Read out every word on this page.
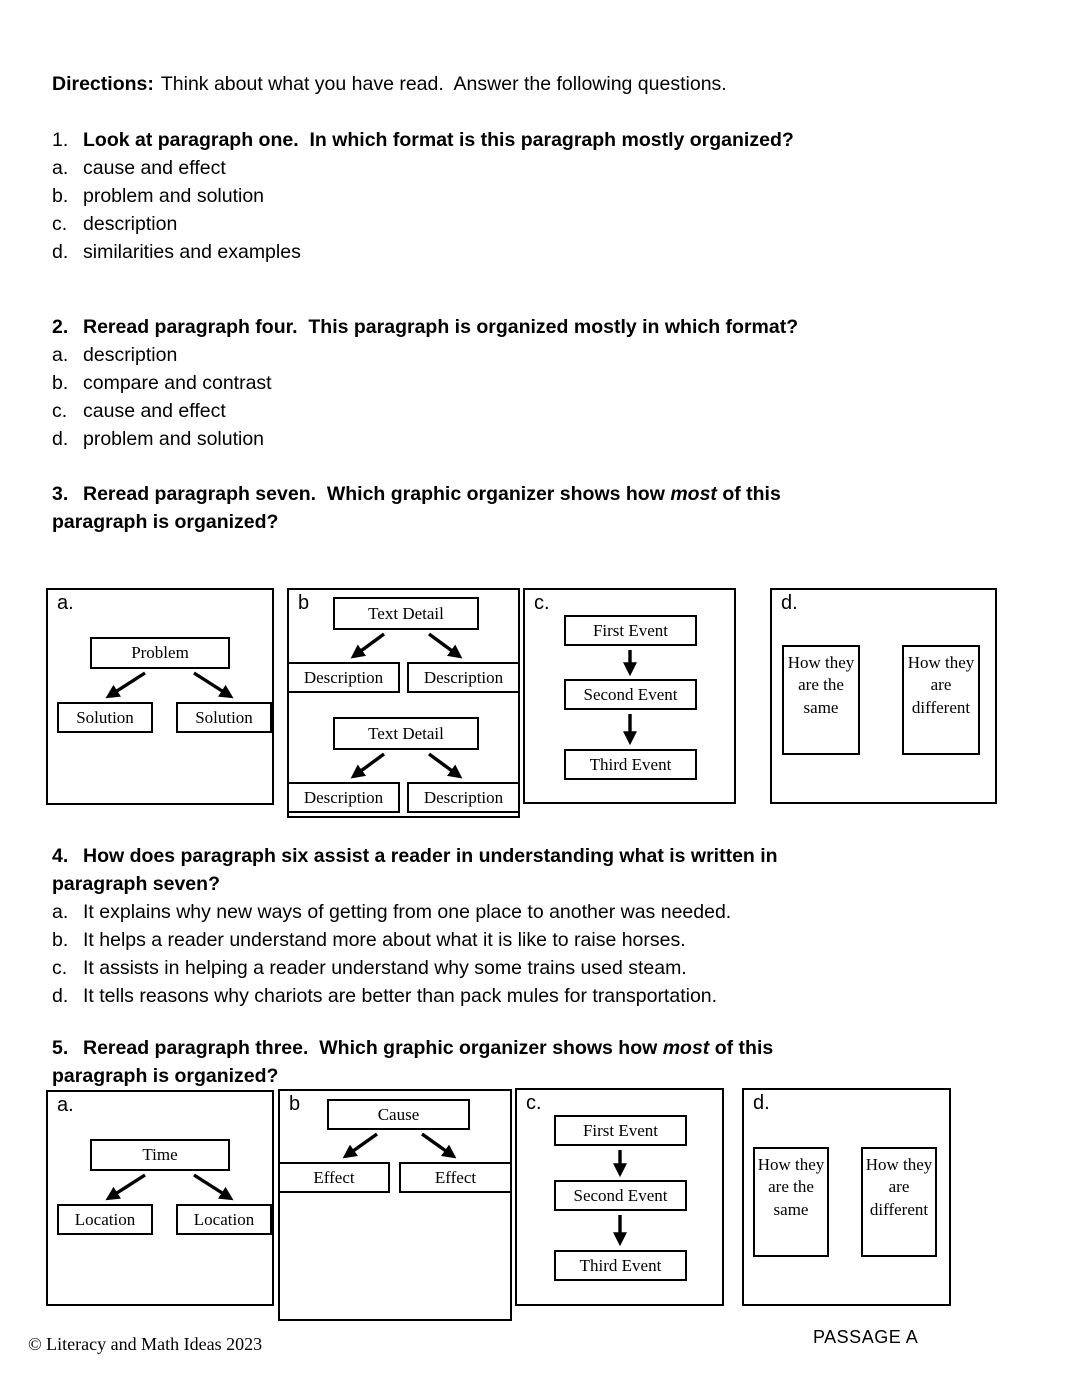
Directions: Think about what you have read.  Answer the following questions.
1. Look at paragraph one.  In which format is this paragraph mostly organized?
a. cause and effect
b. problem and solution
c. description
d. similarities and examples
2. Reread paragraph four.  This paragraph is organized mostly in which format?
a. description
b. compare and contrast
c. cause and effect
d. problem and solution
3. Reread paragraph seven.  Which graphic organizer shows how most of this
paragraph is organized?
a.
Problem
Solution	Solution
b	Text Detail
Description	Description
Text Detail
Description	Description
c.
First Event
Second Event
Third Event
d.
How they are the same
How they are different
4. How does paragraph six assist a reader in understanding what is written in
paragraph seven?
a. It explains why new ways of getting from one place to another was needed.
b. It helps a reader understand more about what it is like to raise horses.
c. It assists in helping a reader understand why some trains used steam.
d. It tells reasons why chariots are better than pack mules for transportation.
5. Reread paragraph three.  Which graphic organizer shows how most of this
paragraph is organized?
a.
Time
Location	Location
b	Cause
Effect	Effect
c.
First Event
Second Event
Third Event
d.
How they are the same
How they are different
© Literacy and Math Ideas 2023	PASSAGE A
